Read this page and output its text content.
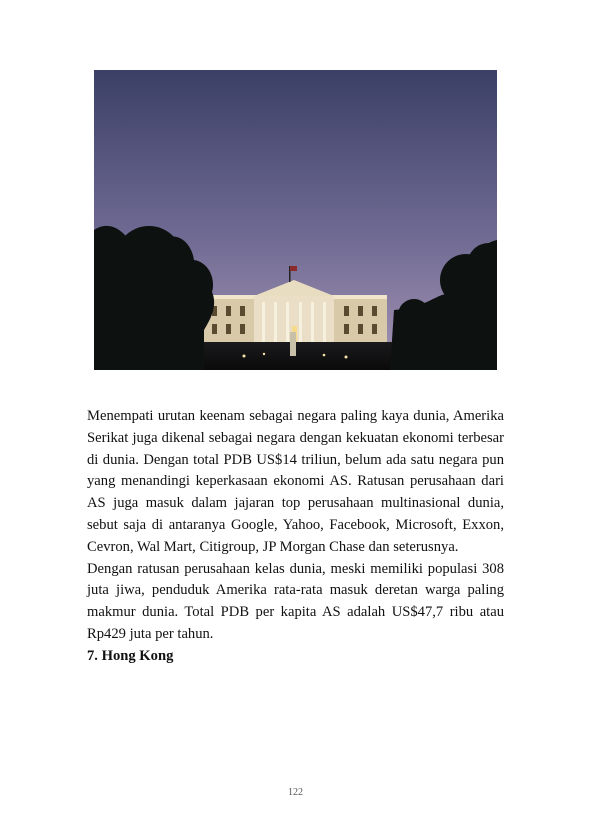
Menempati urutan keenam sebagai negara paling kaya dunia, Amerika Serikat juga dikenal sebagai negara dengan kekuatan ekonomi terbesar di dunia. Dengan total PDB US$14 triliun, belum ada satu negara pun yang menandingi keperkasaan ekonomi AS. Ratusan perusahaan dari AS juga masuk dalam jajaran top perusahaan multinasional dunia, sebut saja di antaranya Google, Yahoo, Facebook, Microsoft, Exxon, Cevron, Wal Mart, Citigroup, JP Morgan Chase dan seterusnya.

Dengan ratusan perusahaan kelas dunia, meski memiliki populasi 308 juta jiwa, penduduk Amerika rata-rata masuk deretan warga paling makmur dunia. Total PDB per kapita AS adalah US$47,7 ribu atau Rp429 juta per tahun.

7. Hong Kong

122
